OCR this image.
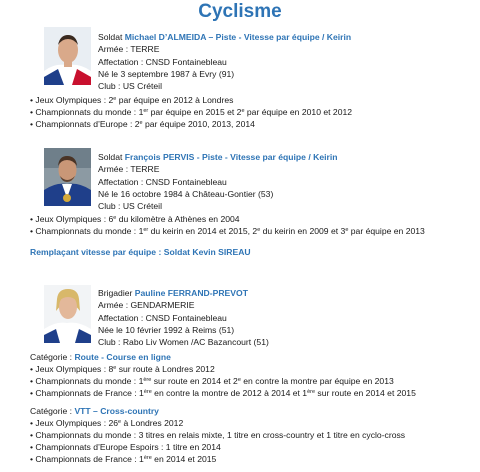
Cyclisme
Soldat Michael D’ALMEIDA – Piste - Vitesse par équipe / Keirin
Armée : TERRE
Affectation : CNSD Fontainebleau
Né le 3 septembre 1987 à Evry (91)
Club : US Créteil
• Jeux Olympiques : 2e par équipe en 2012 à Londres
• Championnats du monde : 1er par équipe en 2015 et 2e par équipe en 2010 et 2012
• Championnats d’Europe : 2e par équipe 2010, 2013, 2014
Soldat François PERVIS - Piste - Vitesse par équipe / Keirin
Armée : TERRE
Affectation : CNSD Fontainebleau
Né le 16 octobre 1984 à Château-Gontier (53)
Club : US Créteil
• Jeux Olympiques : 6e du kilomètre à Athènes en 2004
• Championnats du monde : 1er du keirin en 2014 et 2015, 2e du keirin en 2009 et 3e par équipe en 2013
Remplaçant vitesse par équipe : Soldat Kevin SIREAU
Brigadier Pauline FERRAND-PREVOT
Armée : GENDARMERIE
Affectation : CNSD Fontainebleau
Née le 10 février 1992 à Reims (51)
Club : Rabo Liv Women /AC Bazancourt (51)
Catégorie : Route - Course en ligne
• Jeux Olympiques : 8e sur route à Londres 2012
• Championnats du monde : 1ère sur route en 2014 et 2e en contre la montre par équipe en 2013
• Championnats de France : 1ère en contre la montre de 2012 à 2014 et 1ère sur route en 2014 et 2015
Catégorie : VTT – Cross-country
• Jeux Olympiques : 26e à Londres 2012
• Championnats du monde : 3 titres en relais mixte, 1 titre en cross-country et 1 titre en cyclo-cross
• Championnats d’Europe Espoirs : 1 titre en 2014
• Championnats de France : 1ère en 2014 et 2015
